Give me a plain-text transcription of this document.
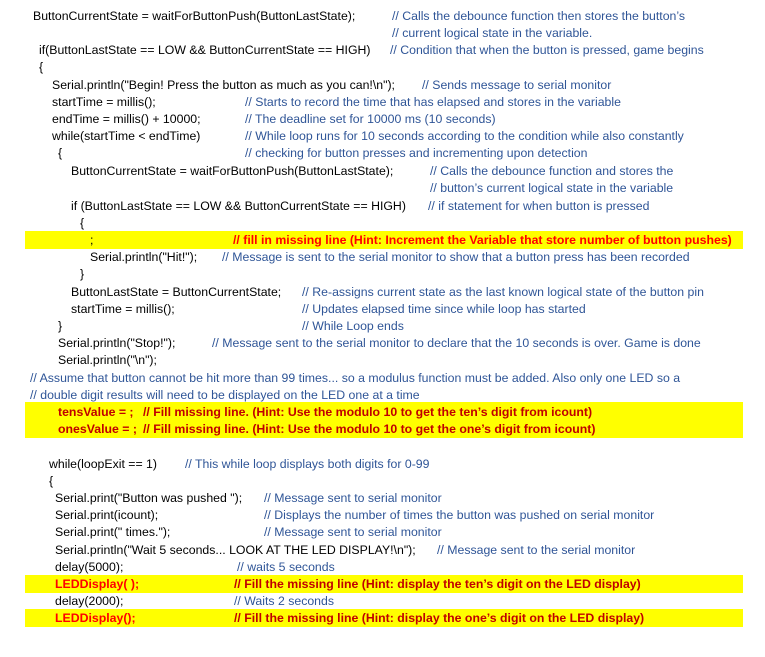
ButtonCurrentState = waitForButtonPush(ButtonLastState);	// Calls the debounce function then stores the button’s
// current logical state in the variable.
if(ButtonLastState == LOW && ButtonCurrentState == HIGH) // Condition that when the button is pressed, game begins
{
Serial.println("Begin! Press the button as much as you can!\n"); // Sends message to serial monitor
startTime = millis();	// Starts to record the time that has elapsed and stores in the variable
endTime = millis() + 10000;	// The deadline set for 10000 ms (10 seconds)
while(startTime < endTime)	// While loop runs for 10 seconds according to the condition while also constantly
{	// checking for button presses and incrementing upon detection
ButtonCurrentState = waitForButtonPush(ButtonLastState);	// Calls the debounce function and stores the
// button’s current logical state in the variable
if (ButtonLastState == LOW && ButtonCurrentState == HIGH) // if statement for when button is pressed
{
;	// fill in missing line (Hint: Increment the Variable that store number of button pushes)
Serial.println("Hit!"); // Message is sent to the serial monitor to show that a button press has been recorded
}
ButtonLastState = ButtonCurrentState; // Re-assigns current state as the last known logical state of the button pin
startTime = millis();	// Updates elapsed time since while loop has started
}	// While Loop ends
Serial.println("Stop!");	// Message sent to the serial monitor to declare that the 10 seconds is over. Game is done
Serial.println("\n");
// Assume that button cannot be hit more than 99 times... so a modulus function must be added. Also only one LED so a
// double digit results will need to be displayed on the LED one at a time
tensValue = ; // Fill missing line. (Hint: Use the modulo 10 to get the ten’s digit from icount)
onesValue = ; // Fill missing line. (Hint: Use the modulo 10 to get the one’s digit from icount)
while(loopExit == 1) // This while loop displays both digits for 0-99
{
Serial.print("Button was pushed "); // Message sent to serial monitor
Serial.print(icount);	// Displays the number of times the button was pushed on serial monitor
Serial.print(" times.");	// Message sent to serial monitor
Serial.println("Wait 5 seconds... LOOK AT THE LED DISPLAY!\n"); // Message sent to the serial monitor
delay(5000);	// waits 5 seconds
LEDDisplay( );	// Fill the missing line (Hint: display the ten’s digit on the LED display)
delay(2000);	// Waits 2 seconds
LEDDisplay();	// Fill the missing line (Hint: display the one’s digit on the LED display)
